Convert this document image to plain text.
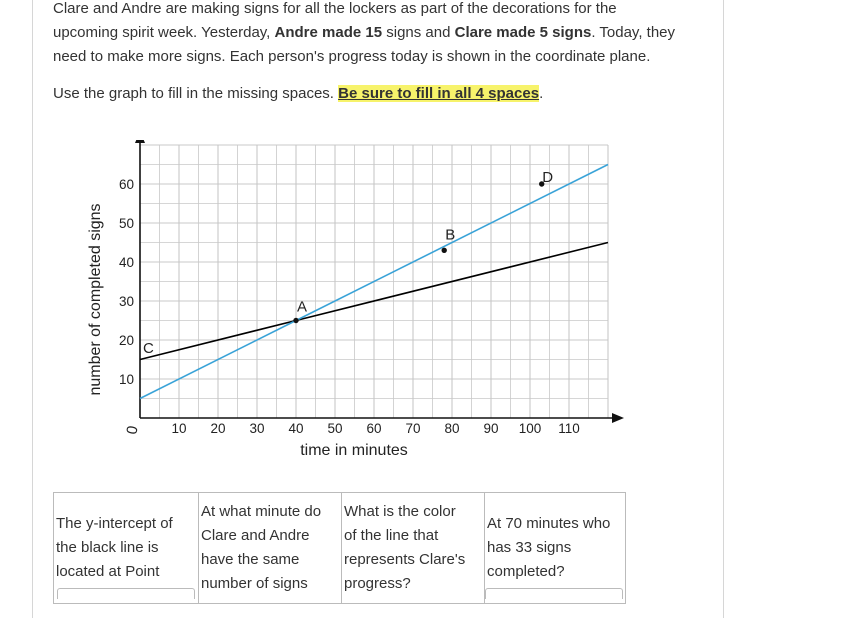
Clare and Andre are making signs for all the lockers as part of the decorations for the
upcoming spirit week. Yesterday, Andre made 15 signs and Clare made 5 signs. Today, they
need to make more signs. Each person's progress today is shown in the coordinate plane.

Use the graph to fill in the missing spaces. Be sure to fill in all 4 spaces.

10 20 30 40 50 60 70 80 90 100 110
10
20
30
40
50
60
0
A
B
C
D
time in minutes
number of completed signs
The y-intercept of
the black line is
located at Point	At what minute do
Clare and Andre
have the same
number of signs	What is the color
of the line that
represents Clare's
progress?	At 70 minutes who
has 33 signs
completed?
